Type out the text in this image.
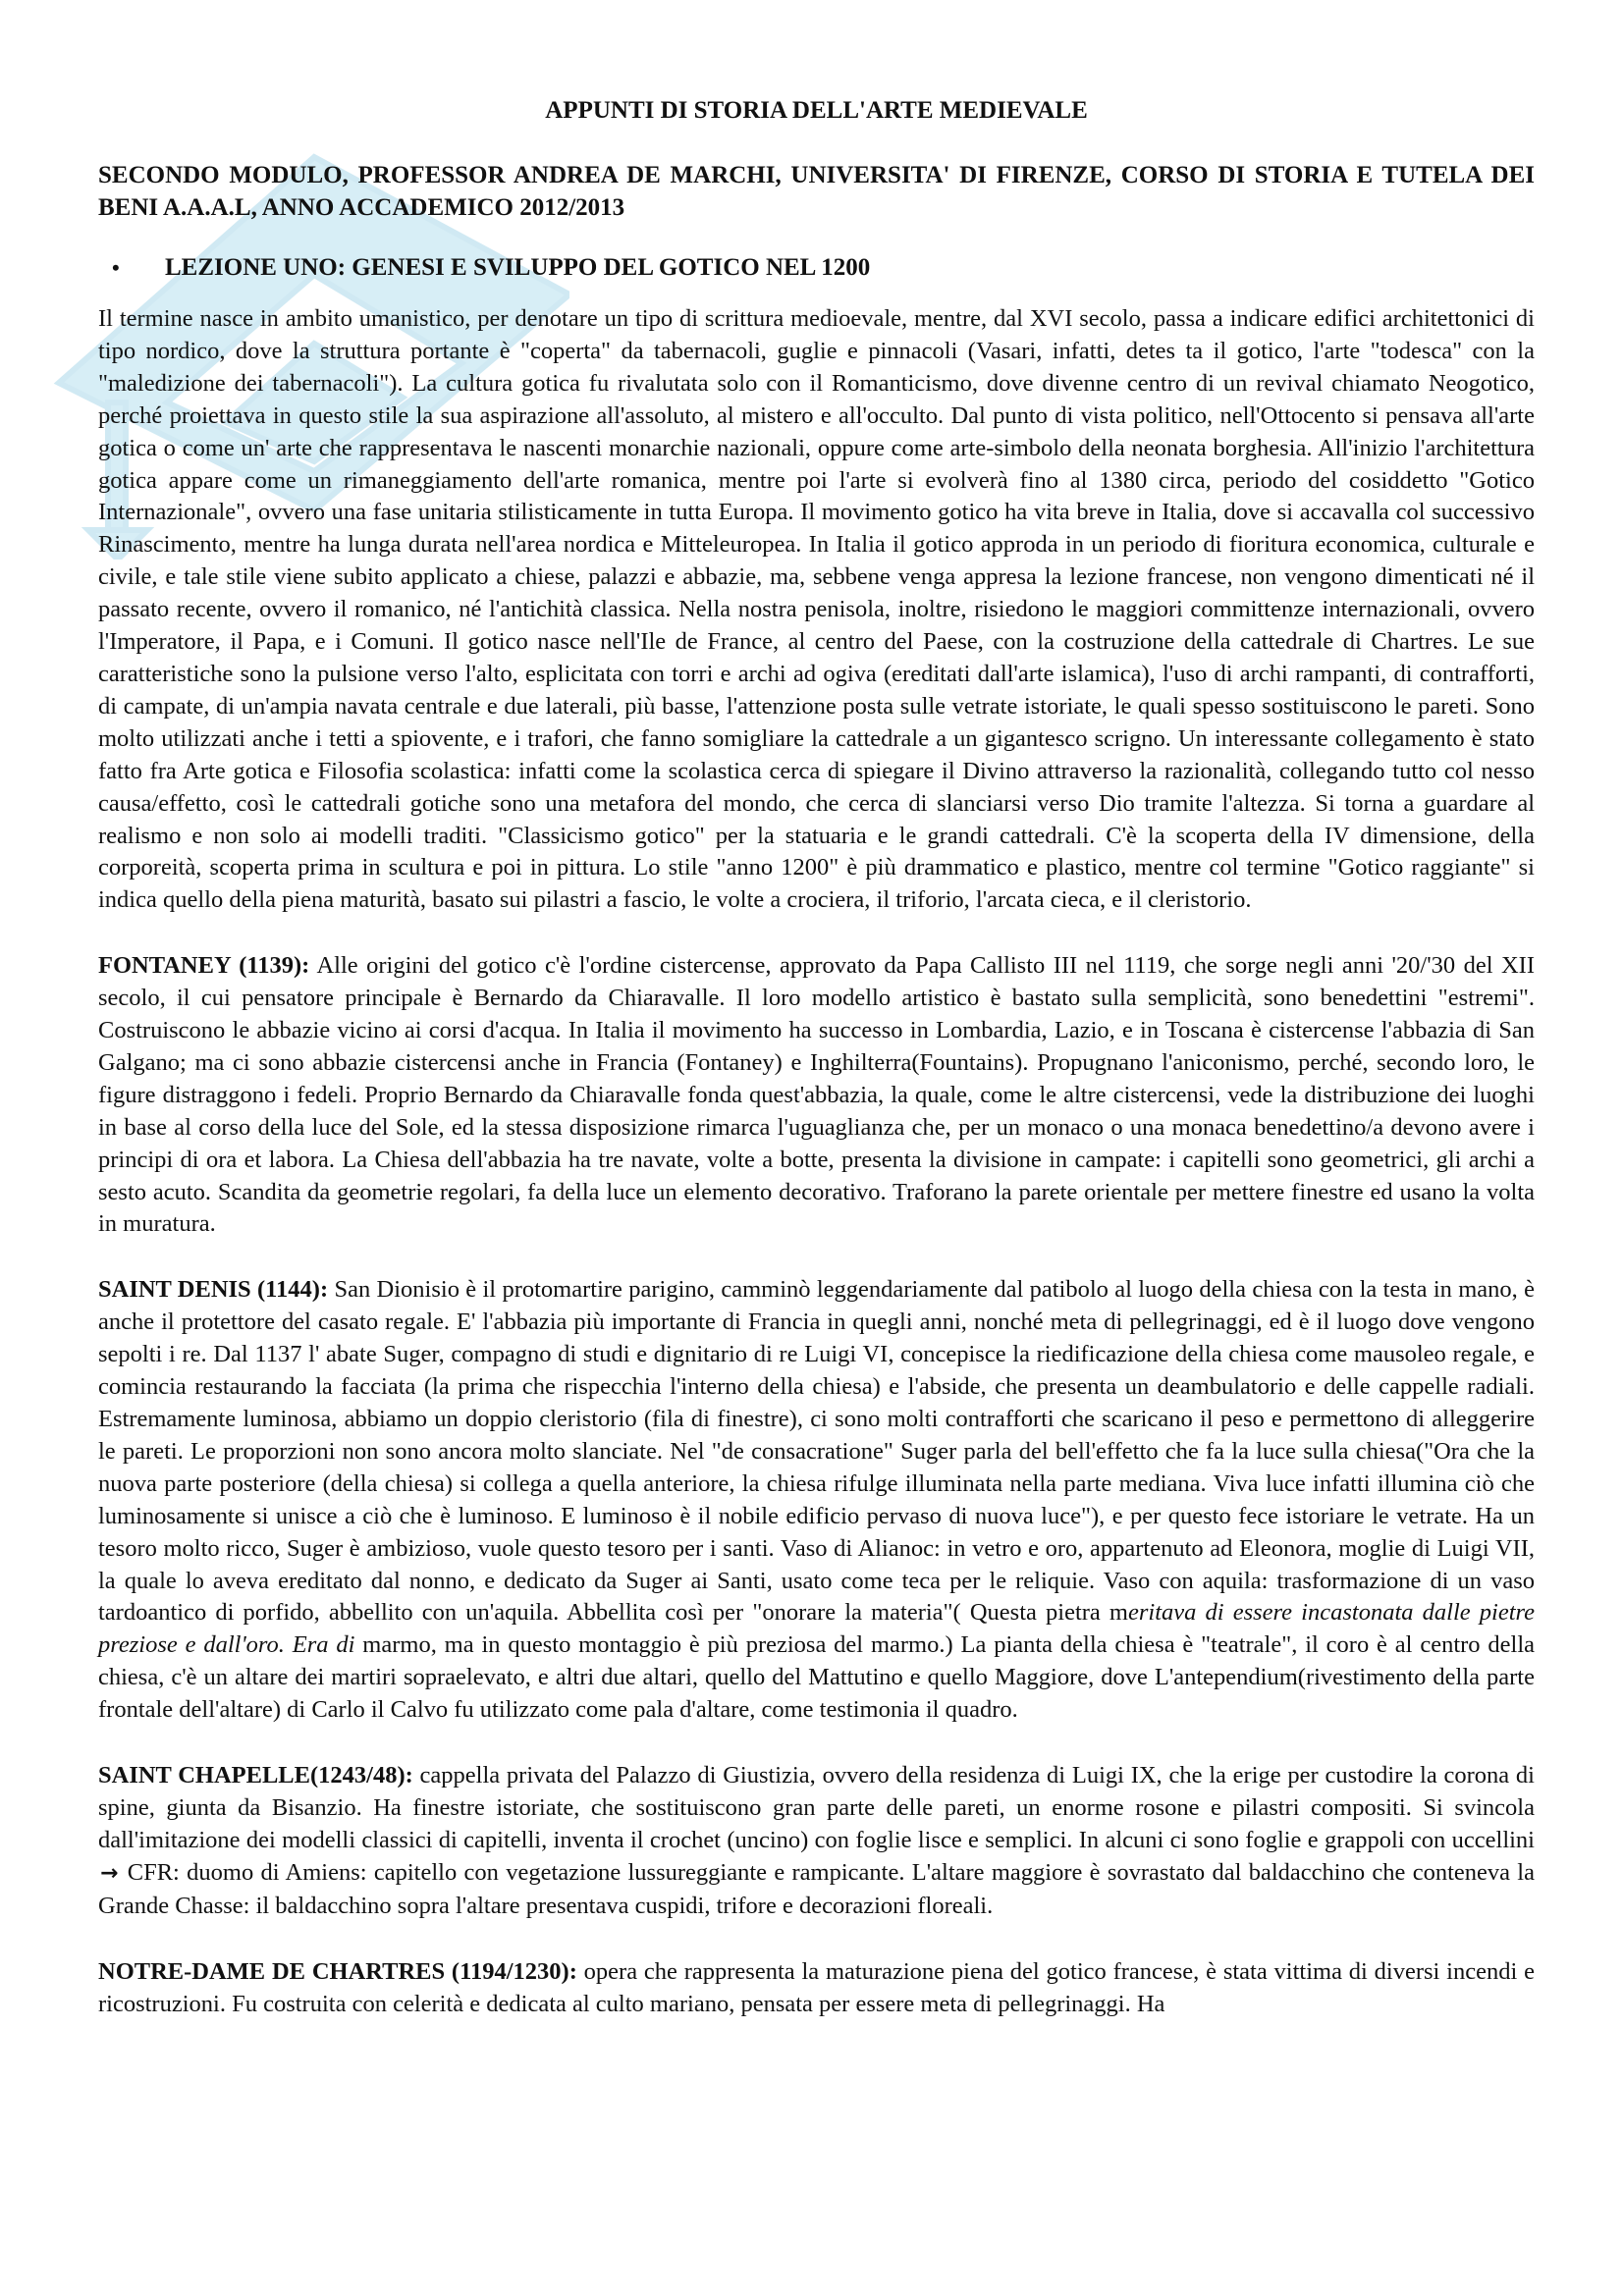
APPUNTI DI STORIA DELL'ARTE MEDIEVALE
SECONDO MODULO, PROFESSOR ANDREA DE MARCHI, UNIVERSITA' DI FIRENZE, CORSO DI STORIA E TUTELA DEI BENI A.A.A.L, ANNO ACCADEMICO 2012/2013
•	LEZIONE UNO: GENESI E SVILUPPO DEL GOTICO NEL 1200

Il termine nasce in ambito umanistico, per denotare un tipo di scrittura medioevale, mentre, dal XVI secolo, passa a indicare edifici architettonici di tipo nordico, dove la struttura portante è "coperta" da tabernacoli, guglie e pinnacoli (Vasari, infatti, detes ta il gotico, l'arte "todesca" con la "maledizione dei tabernacoli"). La cultura gotica fu rivalutata solo con il Romanticismo, dove divenne centro di un revival chiamato Neogotico, perché proiettava in questo stile la sua aspirazione all'assoluto, al mistero e all'occulto. Dal punto di vista politico, nell'Ottocento si pensava all'arte gotica o come un' arte che rappresentava le nascenti monarchie nazionali, oppure come arte-simbolo della neonata borghesia. All'inizio l'architettura gotica appare come un rimaneggiamento dell'arte romanica, mentre poi l'arte si evolverà fino al 1380 circa, periodo del cosiddetto "Gotico Internazionale", ovvero una fase unitaria stilisticamente in tutta Europa. Il movimento gotico ha vita breve in Italia, dove si accavalla col successivo Rinascimento, mentre ha lunga durata nell'area nordica e Mitteleuropea. In Italia il gotico approda in un periodo di fioritura economica, culturale e civile, e tale stile viene subito applicato a chiese, palazzi e abbazie, ma, sebbene venga appresa la lezione francese, non vengono dimenticati né il passato recente, ovvero il romanico, né l'antichità classica. Nella nostra penisola, inoltre, risiedono le maggiori committenze internazionali, ovvero l'Imperatore, il Papa, e i Comuni. Il gotico nasce nell'Ile de France, al centro del Paese, con la costruzione della cattedrale di Chartres. Le sue caratteristiche sono la pulsione verso l'alto, esplicitata con torri e archi ad ogiva (ereditati dall'arte islamica), l'uso di archi rampanti, di contrafforti, di campate, di un'ampia navata centrale e due laterali, più basse, l'attenzione posta sulle vetrate istoriate, le quali spesso sostituiscono le pareti. Sono molto utilizzati anche i tetti a spiovente, e i trafori, che fanno somigliare la cattedrale a un gigantesco scrigno. Un interessante collegamento è stato fatto fra Arte gotica e Filosofia scolastica: infatti come la scolastica cerca di spiegare il Divino attraverso la razionalità, collegando tutto col nesso causa/effetto, così le cattedrali gotiche sono una metafora del mondo, che cerca di slanciarsi verso Dio tramite l'altezza. Si torna a guardare al realismo e non solo ai modelli traditi. "Classicismo gotico" per la statuaria e le grandi cattedrali. C'è la scoperta della IV dimensione, della corporeità, scoperta prima in scultura e poi in pittura. Lo stile "anno 1200" è più drammatico e plastico, mentre col termine "Gotico raggiante" si indica quello della piena maturità, basato sui pilastri a fascio, le volte a crociera, il triforio, l'arcata cieca, e il cleristorio.

FONTANEY (1139): Alle origini del gotico c'è l'ordine cistercense, approvato da Papa Callisto III nel 1119, che sorge negli anni '20/'30 del XII secolo, il cui pensatore principale è Bernardo da Chiaravalle. Il loro modello artistico è bastato sulla semplicità, sono benedettini "estremi". Costruiscono le abbazie vicino ai corsi d'acqua. In Italia il movimento ha successo in Lombardia, Lazio, e in Toscana è cistercense l'abbazia di San Galgano; ma ci sono abbazie cistercensi anche in Francia (Fontaney) e Inghilterra(Fountains). Propugnano l'aniconismo, perché, secondo loro, le figure distraggono i fedeli. Proprio Bernardo da Chiaravalle fonda quest'abbazia, la quale, come le altre cistercensi, vede la distribuzione dei luoghi in base al corso della luce del Sole, ed la stessa disposizione rimarca l'uguaglianza che, per un monaco o una monaca benedettino/a devono avere i principi di ora et labora. La Chiesa dell'abbazia ha tre navate, volte a botte, presenta la divisione in campate: i capitelli sono geometrici, gli archi a sesto acuto. Scandita da geometrie regolari, fa della luce un elemento decorativo. Traforano la parete orientale per mettere finestre ed usano la volta in muratura.

SAINT DENIS (1144): San Dionisio è il protomartire parigino, camminò leggendariamente dal patibolo al luogo della chiesa con la testa in mano, è anche il protettore del casato regale. E' l'abbazia più importante di Francia in quegli anni, nonché meta di pellegrinaggi, ed è il luogo dove vengono sepolti i re. Dal 1137 l' abate Suger, compagno di studi e dignitario di re Luigi VI, concepisce la riedificazione della chiesa come mausoleo regale, e comincia restaurando la facciata (la prima che rispecchia l'interno della chiesa) e l'abside, che presenta un deambulatorio e delle cappelle radiali. Estremamente luminosa, abbiamo un doppio cleristorio (fila di finestre), ci sono molti contrafforti che scaricano il peso e permettono di alleggerire le pareti. Le proporzioni non sono ancora molto slanciate. Nel "de consacratione" Suger parla del bell'effetto che fa la luce sulla chiesa("Ora che la nuova parte posteriore (della chiesa) si collega a quella anteriore, la chiesa rifulge illuminata nella parte mediana. Viva luce infatti illumina ciò che luminosamente si unisce a ciò che è luminoso. E luminoso è il nobile edificio pervaso di nuova luce"), e per questo fece istoriare le vetrate. Ha un tesoro molto ricco, Suger è ambizioso, vuole questo tesoro per i santi. Vaso di Alianoc: in vetro e oro, appartenuto ad Eleonora, moglie di Luigi VII, la quale lo aveva ereditato dal nonno, e dedicato da Suger ai Santi, usato come teca per le reliquie. Vaso con aquila: trasformazione di un vaso tardoantico di porfido, abbellito con un'aquila. Abbellita così per "onorare la materia"( Questa pietra meritava di essere incastonata dalle pietre preziose e dall'oro. Era di marmo, ma in questo montaggio è più preziosa del marmo.) La pianta della chiesa è "teatrale", il coro è al centro della chiesa, c'è un altare dei martiri sopraelevato, e altri due altari, quello del Mattutino e quello Maggiore, dove L'antependium(rivestimento della parte frontale dell'altare) di Carlo il Calvo fu utilizzato come pala d'altare, come testimonia il quadro.

SAINT CHAPELLE(1243/48): cappella privata del Palazzo di Giustizia, ovvero della residenza di Luigi IX, che la erige per custodire la corona di spine, giunta da Bisanzio. Ha finestre istoriate, che sostituiscono gran parte delle pareti, un enorme rosone e pilastri compositi. Si svincola dall'imitazione dei modelli classici di capitelli, inventa il crochet (uncino) con foglie lisce e semplici. In alcuni ci sono foglie e grappoli con uccellini → CFR: duomo di Amiens: capitello con vegetazione lussureggiante e rampicante. L'altare maggiore è sovrastato dal baldacchino che conteneva la Grande Chasse: il baldacchino sopra l'altare presentava cuspidi, trifore e decorazioni floreali.

NOTRE-DAME DE CHARTRES (1194/1230): opera che rappresenta la maturazione piena del gotico francese, è stata vittima di diversi incendi e ricostruzioni. Fu costruita con celerità e dedicata al culto mariano, pensata per essere meta di pellegrinaggi. Ha
